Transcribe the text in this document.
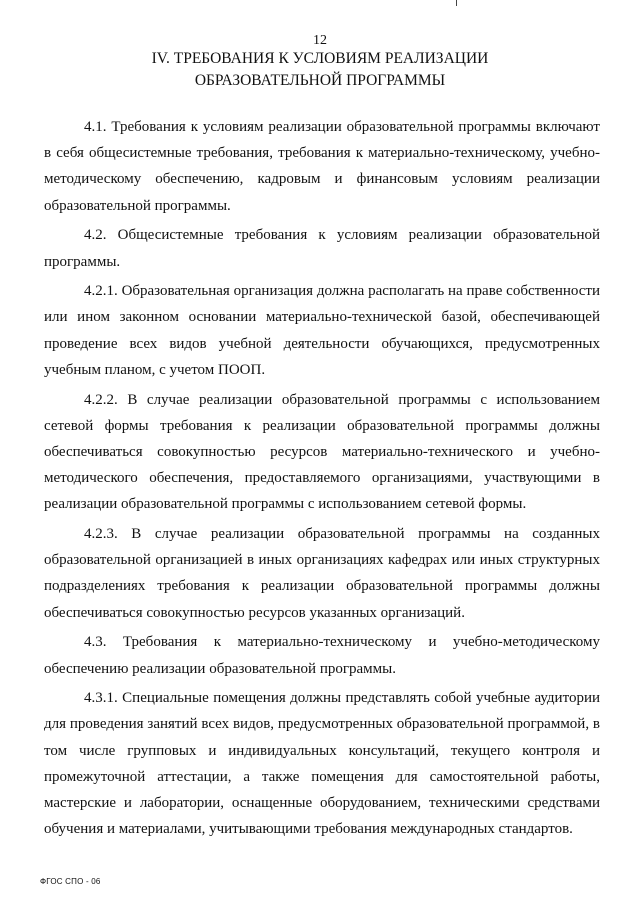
12
IV. ТРЕБОВАНИЯ К УСЛОВИЯМ РЕАЛИЗАЦИИ
ОБРАЗОВАТЕЛЬНОЙ ПРОГРАММЫ

4.1. Требования к условиям реализации образовательной программы включают в себя общесистемные требования, требования к материально-техническому, учебно-методическому обеспечению, кадровым и финансовым условиям реализации образовательной программы.

4.2. Общесистемные требования к условиям реализации образовательной программы.

4.2.1. Образовательная организация должна располагать на праве собственности или ином законном основании материально-технической базой, обеспечивающей проведение всех видов учебной деятельности обучающихся, предусмотренных учебным планом, с учетом ПООП.

4.2.2. В случае реализации образовательной программы с использованием сетевой формы требования к реализации образовательной программы должны обеспечиваться совокупностью ресурсов материально-технического и учебно-методического обеспечения, предоставляемого организациями, участвующими в реализации образовательной программы с использованием сетевой формы.

4.2.3. В случае реализации образовательной программы на созданных образовательной организацией в иных организациях кафедрах или иных структурных подразделениях требования к реализации образовательной программы должны обеспечиваться совокупностью ресурсов указанных организаций.

4.3. Требования к материально-техническому и учебно-методическому обеспечению реализации образовательной программы.

4.3.1. Специальные помещения должны представлять собой учебные аудитории для проведения занятий всех видов, предусмотренных образовательной программой, в том числе групповых и индивидуальных консультаций, текущего контроля и промежуточной аттестации, а также помещения для самостоятельной работы, мастерские и лаборатории, оснащенные оборудованием, техническими средствами обучения и материалами, учитывающими требования международных стандартов.

ФГОС СПО - 06
